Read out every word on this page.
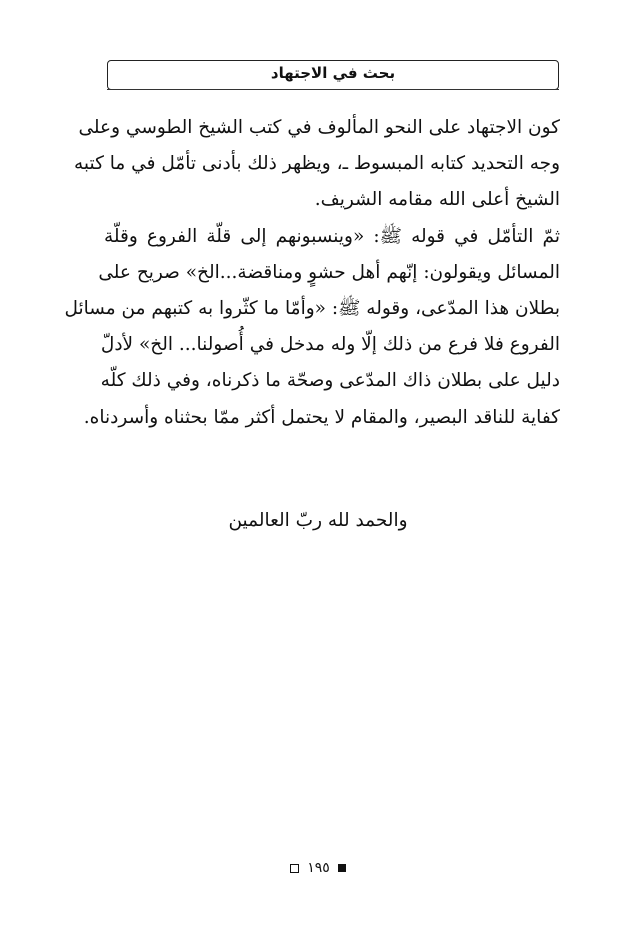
بحث في الاجتهاد
كون الاجتهاد على النحو المألوف في كتب الشيخ الطوسي وعلى
وجه التحديد كتابه المبسوط ـ، ويظهر ذلك بأدنى تأمّل في ما كتبه
الشيخ أعلى الله مقامه الشريف.
ثمّ التأمّل في قوله ﷺ: «وينسبونهم إلى قلّة الفروع وقلّة
المسائل ويقولون: إنّهم أهل حشوٍ ومناقضة...الخ» صريح على
بطلان هذا المدّعى، وقوله ﷺ: «وأمّا ما كثّروا به كتبهم من مسائل
الفروع فلا فرع من ذلك إلّا وله مدخل في أُصولنا... الخ» لأدلّ
دليل على بطلان ذاك المدّعى وصحّة ما ذكرناه، وفي ذلك كلّه
كفاية للناقد البصير، والمقام لا يحتمل أكثر ممّا بحثناه وأسردناه.
والحمد لله ربّ العالمين
١٩٥
